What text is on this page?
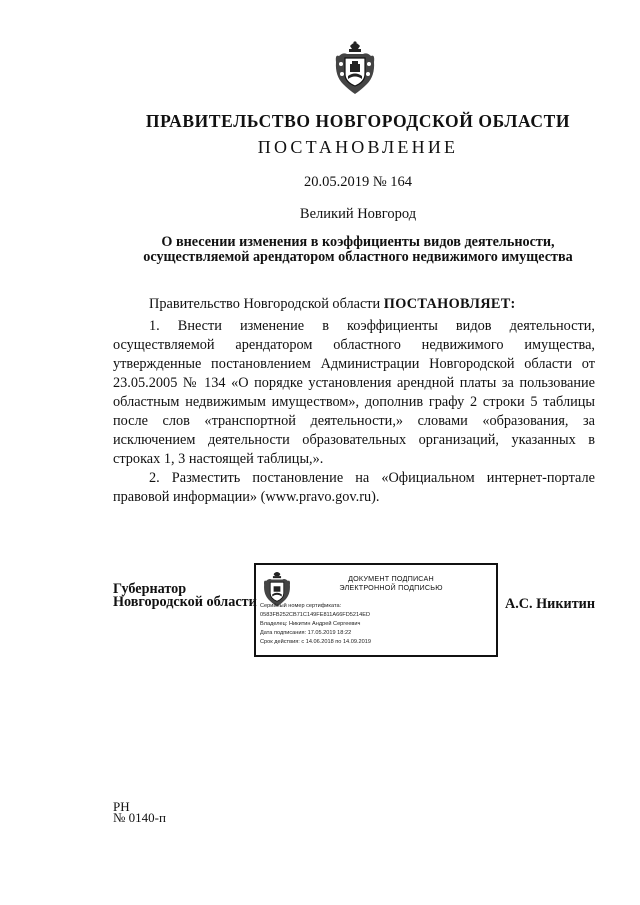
ПРАВИТЕЛЬСТВО НОВГОРОДСКОЙ ОБЛАСТИ
ПОСТАНОВЛЕНИЕ
20.05.2019 № 164
Великий Новгород
О внесении изменения в коэффициенты видов деятельности,
осуществляемой арендатором областного недвижимого имущества

Правительство Новгородской области ПОСТАНОВЛЯЕТ:

1. Внести изменение в коэффициенты видов деятельности, осуществляемой арендатором областного недвижимого имущества, утвержденные постановлением Администрации Новгородской области от 23.05.2005 № 134 «О порядке установления арендной платы за пользование областным недвижимым имуществом», дополнив графу 2 строки 5 таблицы после слов «транспортной деятельности,» словами «образования, за исключением деятельности образовательных организаций, указанных в строках 1, 3 настоящей таблицы,».

2. Разместить постановление на «Официальном интернет-портале правовой информации» (www.pravo.gov.ru).

Губернатор
Новгородской области
ДОКУМЕНТ ПОДПИСАН
ЭЛЕКТРОННОЙ ПОДПИСЬЮ
Серийный номер сертификата:
0583FB252CB71C149FE811A66FD5214ED
Владелец: Никитин Андрей Сергеевич
Дата подписания: 17.05.2019 18:22
Срок действия: с 14.06.2018 по 14.09.2019
А.С. Никитин
РН
№ 0140-п
